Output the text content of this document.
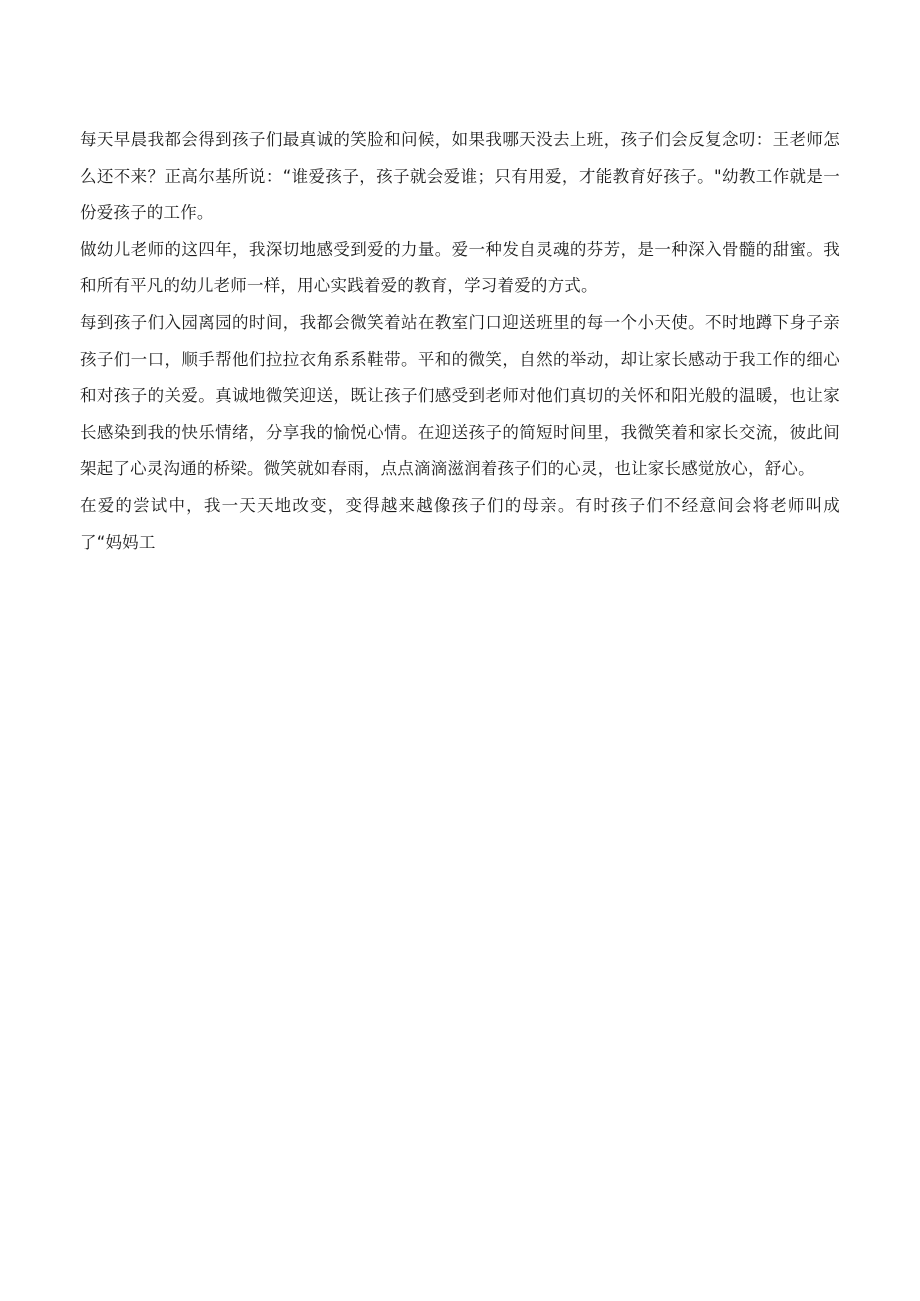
每天早晨我都会得到孩子们最真诚的笑脸和问候，如果我哪天没去上班，孩子们会反复念叨：王老师怎么还不来？正高尔基所说：“谁爱孩子，孩子就会爱谁；只有用爱，才能教育好孩子。"幼教工作就是一份爱孩子的工作。

做幼儿老师的这四年，我深切地感受到爱的力量。爱一种发自灵魂的芬芳，是一种深入骨髓的甜蜜。我和所有平凡的幼儿老师一样，用心实践着爱的教育，学习着爱的方式。

每到孩子们入园离园的时间，我都会微笑着站在教室门口迎送班里的每一个小天使。不时地蹲下身子亲孩子们一口，顺手帮他们拉拉衣角系系鞋带。平和的微笑，自然的举动，却让家长感动于我工作的细心和对孩子的关爱。真诚地微笑迎送，既让孩子们感受到老师对他们真切的关怀和阳光般的温暖，也让家长感染到我的快乐情绪，分享我的愉悦心情。在迎送孩子的简短时间里，我微笑着和家长交流，彼此间架起了心灵沟通的桥梁。微笑就如春雨，点点滴滴滋润着孩子们的心灵，也让家长感觉放心，舒心。

在爱的尝试中，我一天天地改变，变得越来越像孩子们的母亲。有时孩子们不经意间会将老师叫成了“妈妈工
